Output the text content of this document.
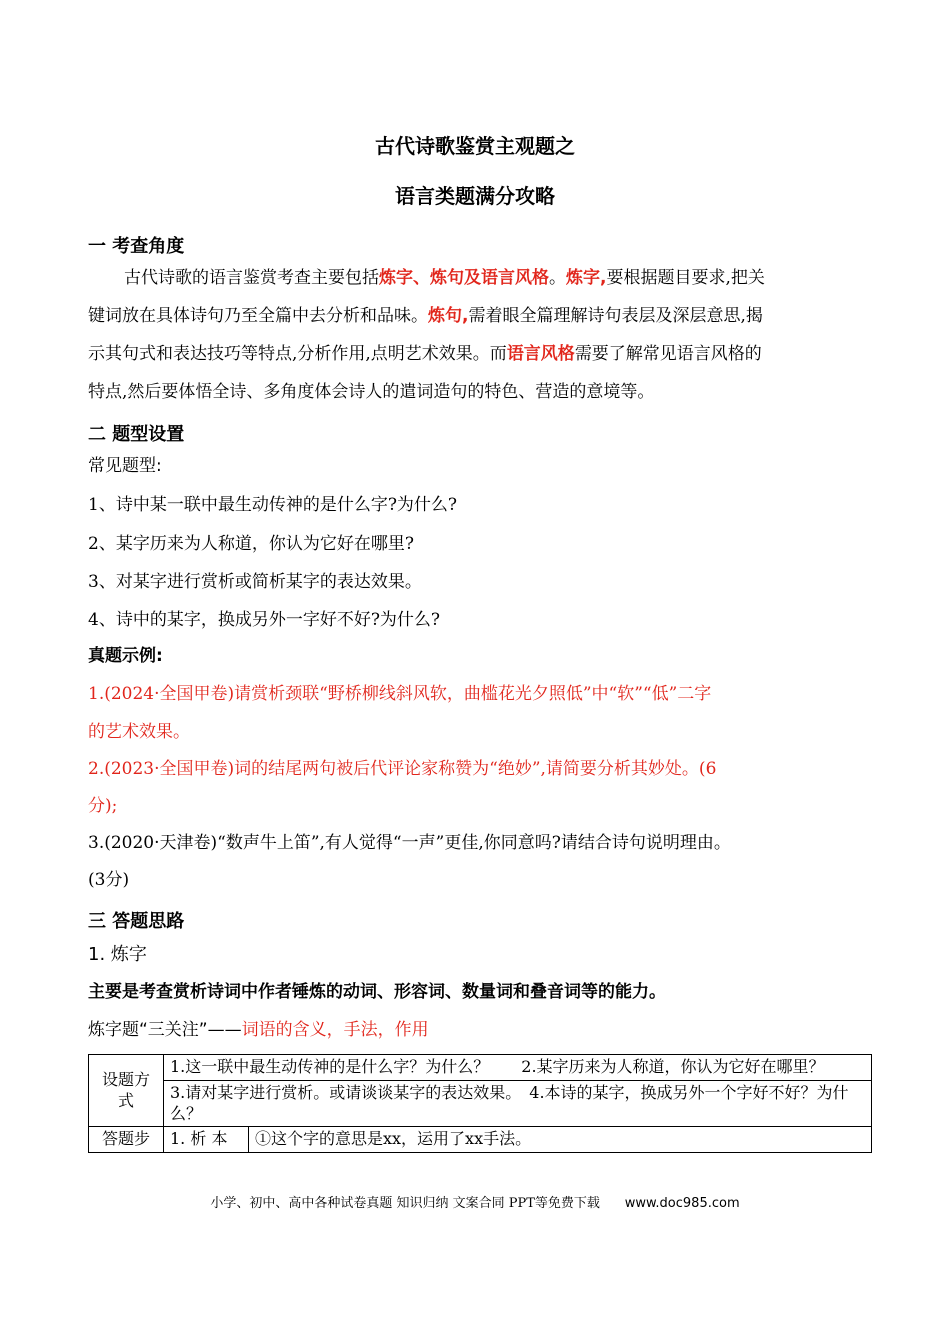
古代诗歌鉴赏主观题之
语言类题满分攻略
一 考查角度
古代诗歌的语言鉴赏考查主要包括炼字、炼句及语言风格。炼字,要根据题目要求,把关
键词放在具体诗句乃至全篇中去分析和品味。炼句,需着眼全篇理解诗句表层及深层意思,揭
示其句式和表达技巧等特点,分析作用,点明艺术效果。而语言风格需要了解常见语言风格的
特点,然后要体悟全诗、多角度体会诗人的遣词造句的特色、营造的意境等。
二 题型设置
常见题型:
1、诗中某一联中最生动传神的是什么字?为什么?
2、某字历来为人称道，你认为它好在哪里?
3、对某字进行赏析或简析某字的表达效果。
4、诗中的某字，换成另外一字好不好?为什么?
真题示例:
1.(2024·全国甲卷)请赏析颈联“野桥柳线斜风软，曲槛花光夕照低”中“软”“低”二字
的艺术效果。
2.(2023·全国甲卷)词的结尾两句被后代评论家称赞为“绝妙”,请简要分析其妙处。(6
分);
3.(2020·天津卷)“数声牛上笛”,有人觉得“一声”更佳,你同意吗?请结合诗句说明理由。
(3分)
三 答题思路
1. 炼字
主要是考查赏析诗词中作者锤炼的动词、形容词、数量词和叠音词等的能力。
炼字题“三关注”——词语的含义，手法，作用
设题方式	1.这一联中最生动传神的是什么字？为什么？　　2.某字历来为人称道，你认为它好在哪里？	
	3.请对某字进行赏析。或请谈谈某字的表达效果。　4.本诗的某字，换成另外一个字好不好？为什么？	
答题步	1. 析 本	①这个字的意思是xx，运用了xx手法。
小学、初中、高中各种试卷真题 知识归纳 文案合同 PPT等免费下载 www.doc985.com
